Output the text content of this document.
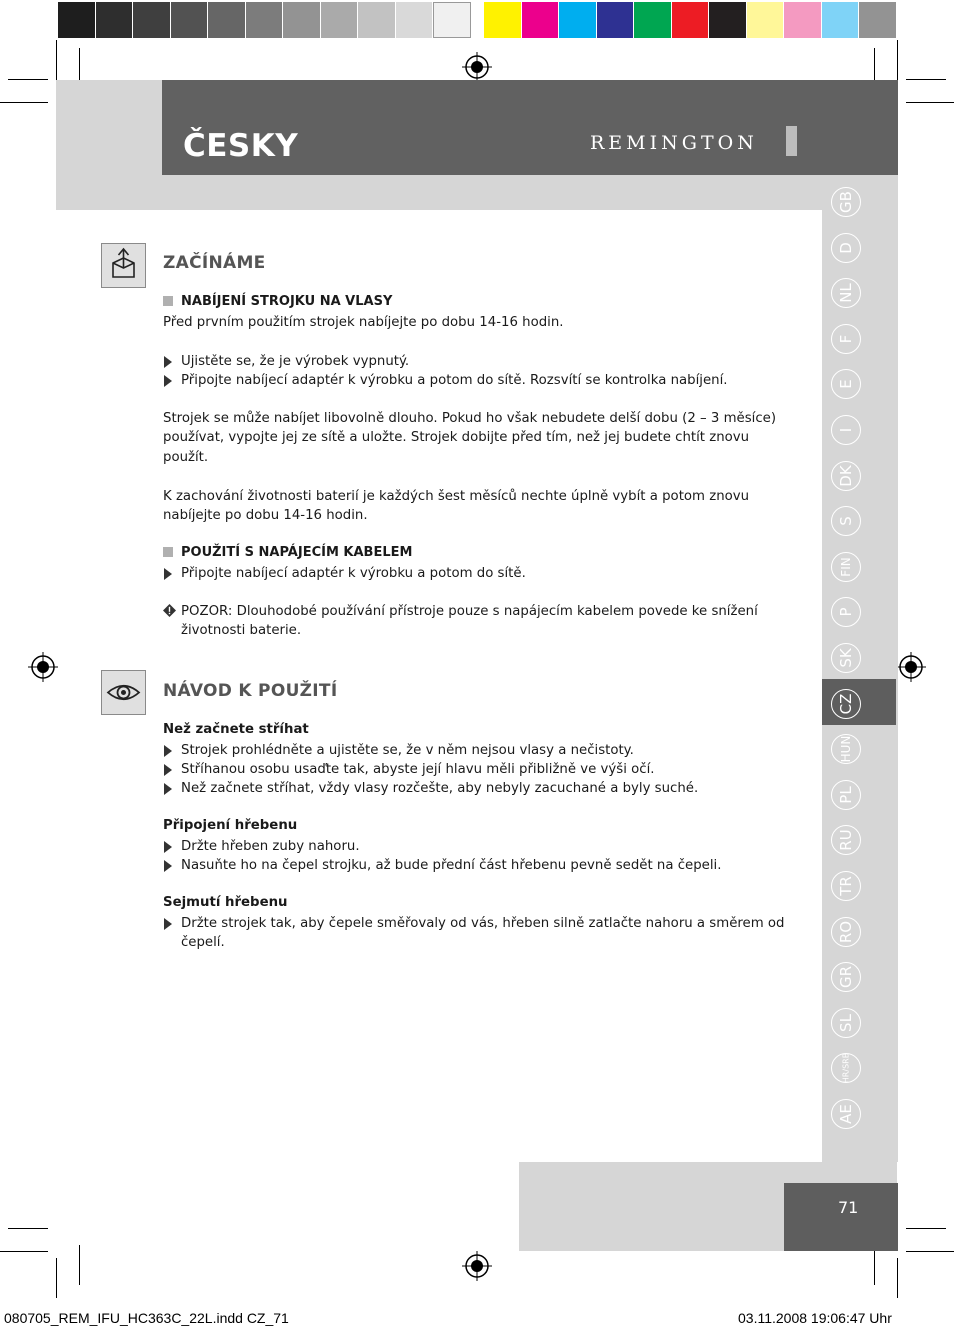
ČESKY	REMINGTON
GB
D
NL
F
E
I
DK
S
FIN
P
SK
CZ
HUN
PL
RU
TR
RO
GR
SL
HR/SRB
AE
ZAČÍNÁME
NABÍJENÍ STROJKU NA VLASY
Před prvním použitím strojek nabíjejte po dobu 14-16 hodin.
Ujistěte se, že je výrobek vypnutý.
Připojte nabíjecí adaptér k výrobku a potom do sítě. Rozsvítí se kontrolka nabíjení.
Strojek se může nabíjet libovolně dlouho. Pokud ho však nebudete delší dobu (2 – 3 měsíce) používat, vypojte jej ze sítě a uložte. Strojek dobijte před tím, než jej budete chtít znovu použít.
K zachování životnosti baterií je každých šest měsíců nechte úplně vybít a potom znovu nabíjejte po dobu 14-16 hodin.
POUŽITÍ S NAPÁJECÍM KABELEM
Připojte nabíjecí adaptér k výrobku a potom do sítě.
POZOR: Dlouhodobé používání přístroje pouze s napájecím kabelem povede ke snížení životnosti baterie.
NÁVOD K POUŽITÍ
Než začnete stříhat
Strojek prohlédněte a ujistěte se, že v něm nejsou vlasy a nečistoty.
Stříhanou osobu usaďte tak, abyste její hlavu měli přibližně ve výši očí.
Než začnete stříhat, vždy vlasy rozčešte, aby nebyly zacuchané a byly suché.
Připojení hřebenu
Držte hřeben zuby nahoru.
Nasuňte ho na čepel strojku, až bude přední část hřebenu pevně sedět na čepeli.
Sejmutí hřebenu
Držte strojek tak, aby čepele směřovaly od vás, hřeben silně zatlačte nahoru a směrem od čepelí.
71
080705_REM_IFU_HC363C_22L.indd CZ_71	03.11.2008 19:06:47 Uhr
